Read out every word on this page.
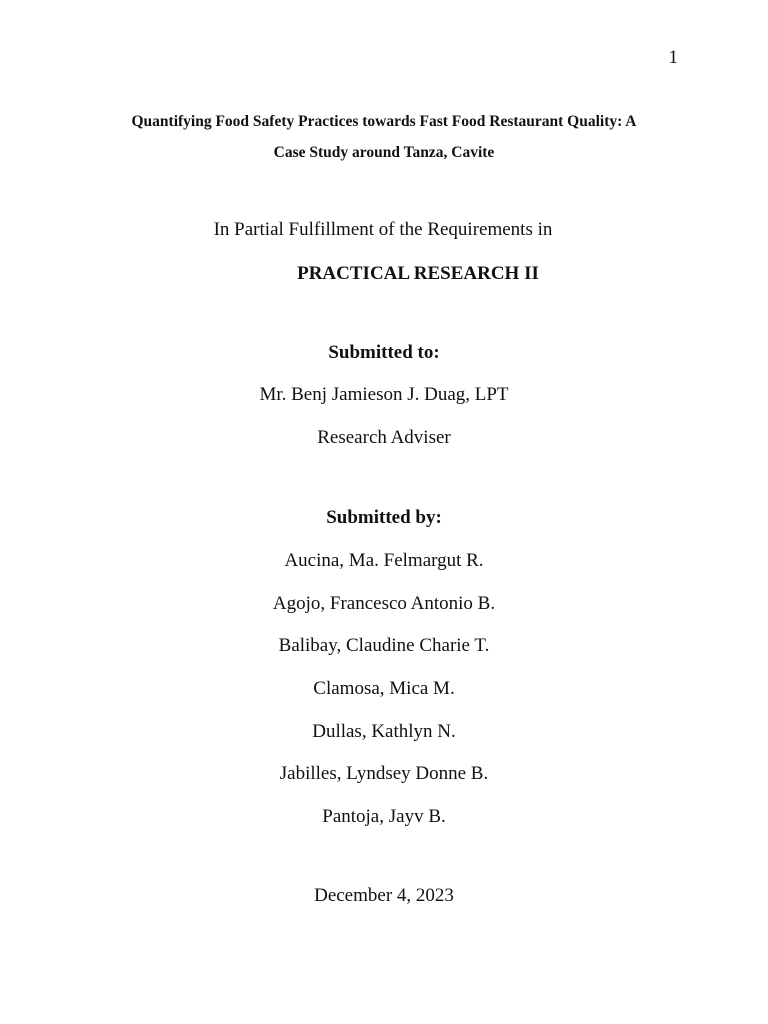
1
Quantifying Food Safety Practices towards Fast Food Restaurant Quality: A
Case Study around Tanza, Cavite
In Partial Fulfillment of the Requirements in
PRACTICAL RESEARCH II
Submitted to:
Mr. Benj Jamieson J. Duag, LPT
Research Adviser
Submitted by:
Aucina, Ma. Felmargut R.
Agojo, Francesco Antonio B.
Balibay, Claudine Charie T.
Clamosa, Mica M.
Dullas, Kathlyn N.
Jabilles, Lyndsey Donne B.
Pantoja, Jayv B.
December 4, 2023
